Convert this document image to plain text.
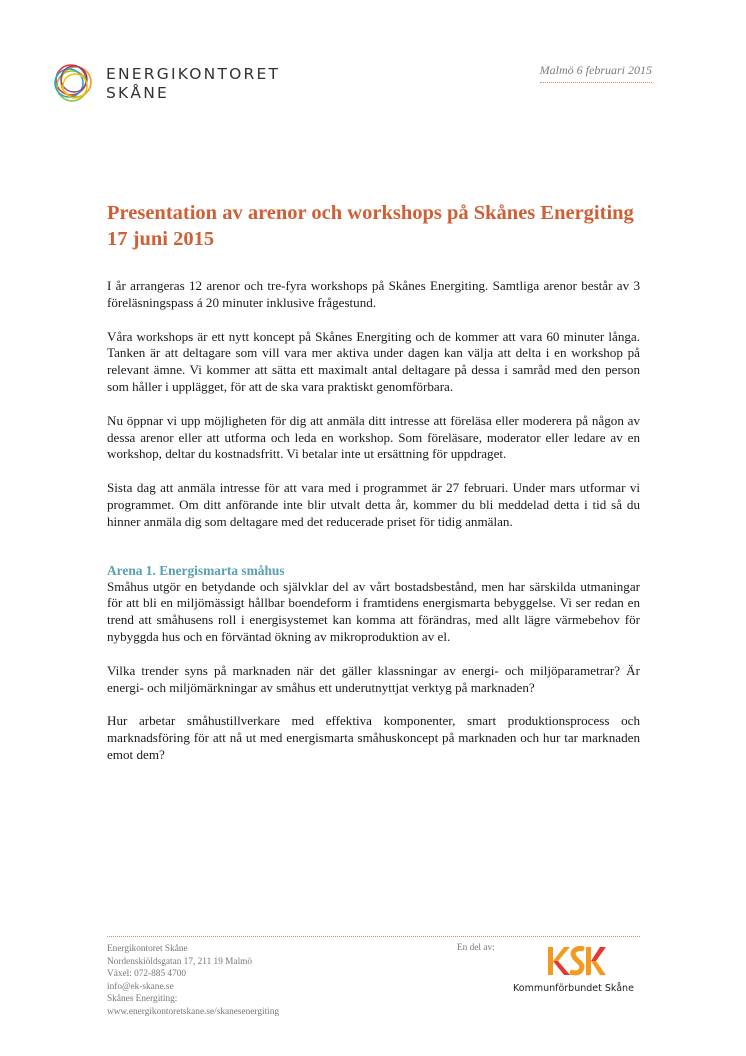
ENERGIKONTORET
SKÅNE
Malmö 6 februari 2015
Presentation av arenor och workshops på Skånes Energiting 17 juni 2015

I år arrangeras 12 arenor och tre-fyra workshops på Skånes Energiting. Samtliga arenor består av 3 föreläsningspass á 20 minuter inklusive frågestund.

Våra workshops är ett nytt koncept på Skånes Energiting och de kommer att vara 60 minuter långa. Tanken är att deltagare som vill vara mer aktiva under dagen kan välja att delta i en workshop på relevant ämne. Vi kommer att sätta ett maximalt antal deltagare på dessa i samråd med den person som håller i upplägget, för att de ska vara praktiskt genomförbara.

Nu öppnar vi upp möjligheten för dig att anmäla ditt intresse att föreläsa eller moderera på någon av dessa arenor eller att utforma och leda en workshop. Som föreläsare, moderator eller ledare av en workshop, deltar du kostnadsfritt. Vi betalar inte ut ersättning för uppdraget.

Sista dag att anmäla intresse för att vara med i programmet är 27 februari. Under mars utformar vi programmet. Om ditt anförande inte blir utvalt detta år, kommer du bli meddelad detta i tid så du hinner anmäla dig som deltagare med det reducerade priset för tidig anmälan.

Arena 1. Energismarta småhus

Småhus utgör en betydande och självklar del av vårt bostadsbestånd, men har särskilda utmaningar för att bli en miljömässigt hållbar boendeform i framtidens energismarta bebyggelse. Vi ser redan en trend att småhusens roll i energisystemet kan komma att förändras, med allt lägre värmebehov för nybyggda hus och en förväntad ökning av mikroproduktion av el.

Vilka trender syns på marknaden när det gäller klassningar av energi- och miljöparametrar? Är energi- och miljömärkningar av småhus ett underutnyttjat verktyg på marknaden?

Hur arbetar småhustillverkare med effektiva komponenter, smart produktionsprocess och marknadsföring för att nå ut med energismarta småhuskoncept på marknaden och hur tar marknaden emot dem?

Energikontoret Skåne
Nordenskiöldsgatan 17, 211 19 Malmö
Växel: 072-885 4700
info@ek-skane.se
Skånes Energiting:
www.energikontoretskane.se/skanesenergiting
En del av:
Kommunförbundet Skåne
